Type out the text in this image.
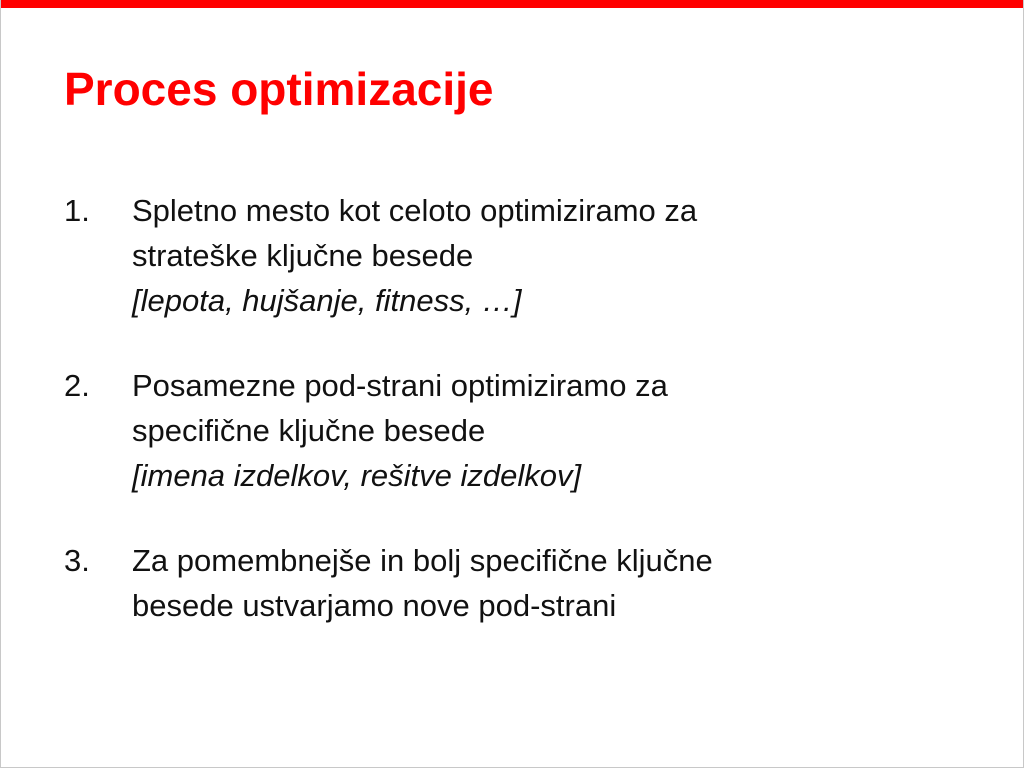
Proces optimizacije
1. Spletno mesto kot celoto optimiziramo za
strateške ključne besede
[lepota, hujšanje, fitness, …]
2. Posamezne pod-strani optimiziramo za
specifične ključne besede
[imena izdelkov, rešitve izdelkov]
3. Za pomembnejše in bolj specifične ključne
besede ustvarjamo nove pod-strani
